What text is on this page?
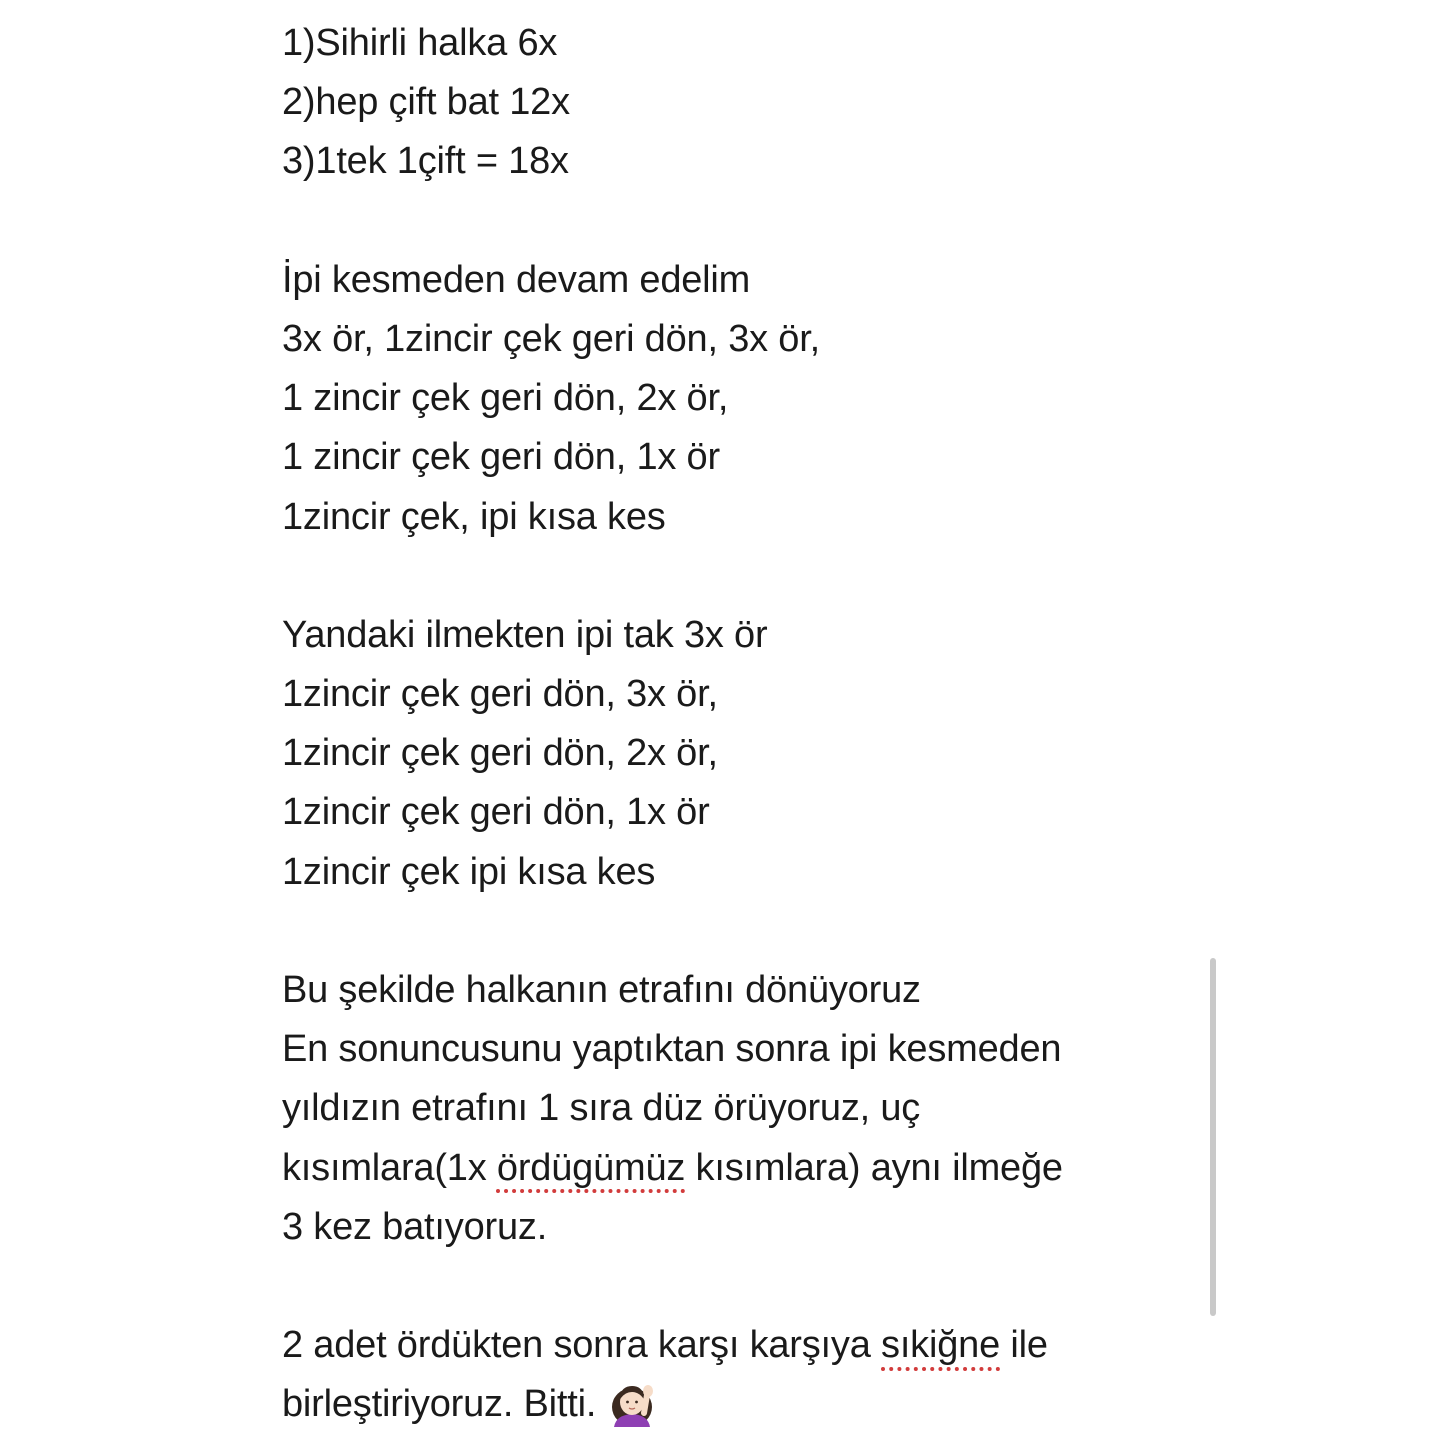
1)Sihirli halka 6x
2)hep çift bat 12x
3)1tek 1çift = 18x
İpi kesmeden devam edelim
3x ör, 1zincir çek geri dön, 3x ör,
1 zincir çek geri dön, 2x ör,
1 zincir çek geri dön, 1x ör
1zincir çek, ipi kısa kes
Yandaki ilmekten ipi tak 3x ör
1zincir çek geri dön, 3x ör,
1zincir çek geri dön, 2x ör,
1zincir çek geri dön, 1x ör
1zincir çek ipi kısa kes
Bu şekilde halkanın etrafını dönüyoruz
En sonuncusunu yaptıktan sonra ipi kesmeden
yıldızın etrafını 1 sıra düz örüyoruz, uç
kısımlara(1x ördügümüz kısımlara) aynı ilmeğe
3 kez batıyoruz.
2 adet ördükten sonra karşı karşıya sıkiğne ile
birleştiriyoruz. Bitti.
